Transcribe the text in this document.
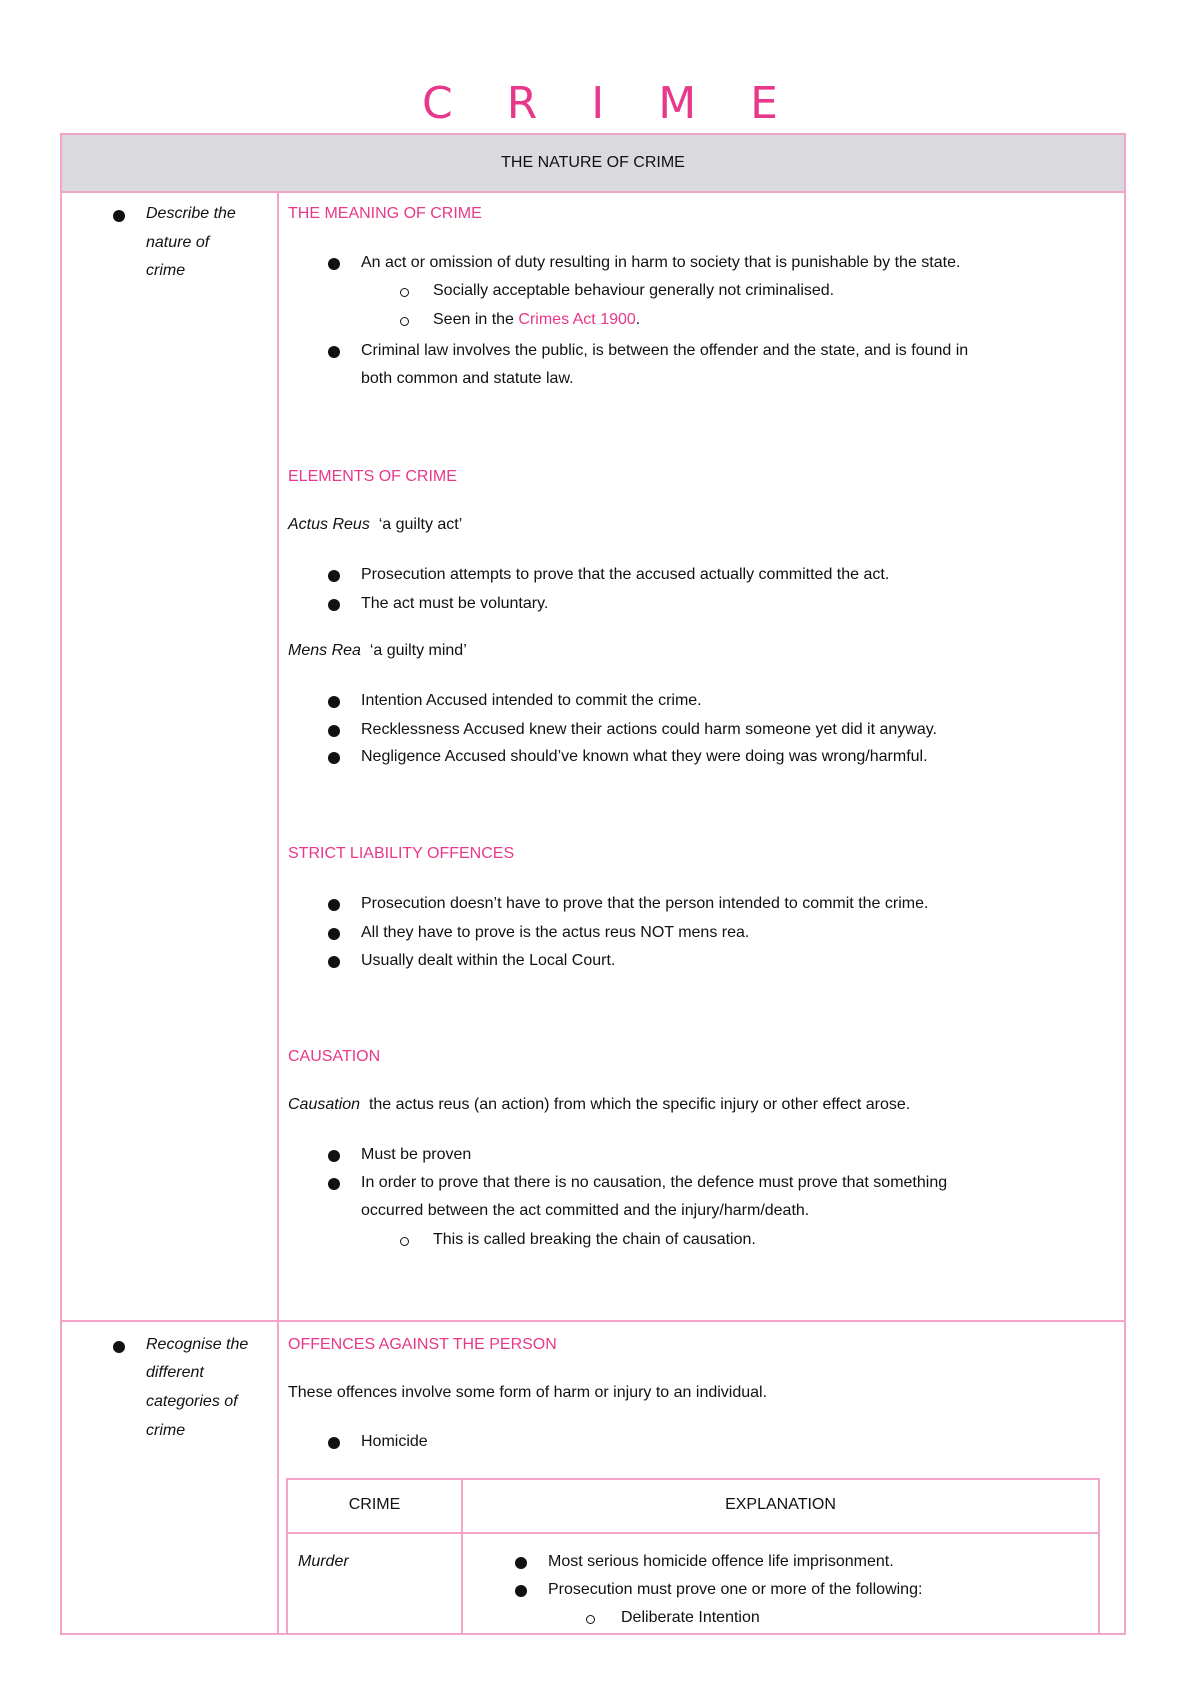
C R I M E
THE NATURE OF CRIME
Describe the
nature of
crime
THE MEANING OF CRIME
An act or omission of duty resulting in harm to society that is punishable by the state.
Socially acceptable behaviour generally not criminalised.
Seen in the Crimes Act 1900.
Criminal law involves the public, is between the offender and the state, and is found in
both common and statute law.
ELEMENTS OF CRIME
Actus Reus ‘a guilty act’
Prosecution attempts to prove that the accused actually committed the act.
The act must be voluntary.
Mens Rea ‘a guilty mind’
Intention Accused intended to commit the crime.
Recklessness Accused knew their actions could harm someone yet did it anyway.
Negligence Accused should’ve known what they were doing was wrong/harmful.
STRICT LIABILITY OFFENCES
Prosecution doesn’t have to prove that the person intended to commit the crime.
All they have to prove is the actus reus NOT mens rea.
Usually dealt within the Local Court.
CAUSATION
Causation the actus reus (an action) from which the specific injury or other effect arose.
Must be proven
In order to prove that there is no causation, the defence must prove that something
occurred between the act committed and the injury/harm/death.
This is called breaking the chain of causation.
Recognise the
different
categories of
crime
OFFENCES AGAINST THE PERSON
These offences involve some form of harm or injury to an individual.
Homicide
CRIME	EXPLANATION
Murder	Most serious homicide offence life imprisonment.
Prosecution must prove one or more of the following:
Deliberate Intention
